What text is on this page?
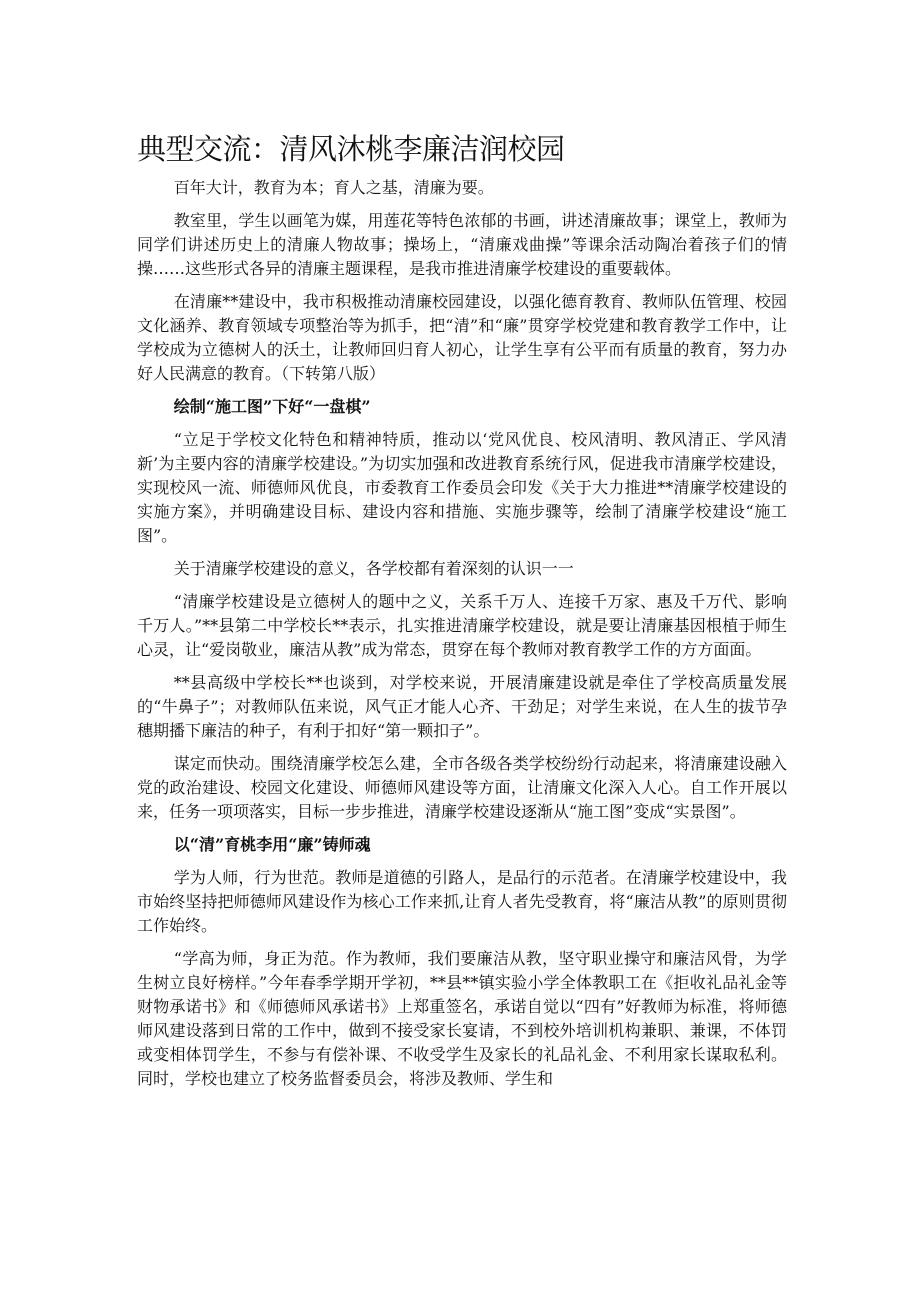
典型交流：清风沐桃李廉洁润校园

百年大计，教育为本；育人之基，清廉为要。

教室里，学生以画笔为媒，用莲花等特色浓郁的书画，讲述清廉故事；课堂上，教师为同学们讲述历史上的清廉人物故事；操场上，“清廉戏曲操”等课余活动陶冶着孩子们的情操……这些形式各异的清廉主题课程，是我市推进清廉学校建设的重要载体。

在清廉**建设中，我市积极推动清廉校园建设，以强化德育教育、教师队伍管理、校园文化涵养、教育领域专项整治等为抓手，把“清”和“廉”贯穿学校党建和教育教学工作中，让学校成为立德树人的沃土，让教师回归育人初心，让学生享有公平而有质量的教育，努力办好人民满意的教育。（下转第八版）

绘制“施工图”下好“一盘棋”

“立足于学校文化特色和精神特质，推动以‘党风优良、校风清明、教风清正、学风清新’为主要内容的清廉学校建设。”为切实加强和改进教育系统行风，促进我市清廉学校建设，实现校风一流、师德师风优良，市委教育工作委员会印发《关于大力推进**清廉学校建设的实施方案》，并明确建设目标、建设内容和措施、实施步骤等，绘制了清廉学校建设“施工图”。

关于清廉学校建设的意义，各学校都有着深刻的认识一一

“清廉学校建设是立德树人的题中之义，关系千万人、连接千万家、惠及千万代、影响千万人。”**县第二中学校长**表示，扎实推进清廉学校建设，就是要让清廉基因根植于师生心灵，让“爱岗敬业，廉洁从教”成为常态，贯穿在每个教师对教育教学工作的方方面面。

**县高级中学校长**也谈到，对学校来说，开展清廉建设就是牵住了学校高质量发展的“牛鼻子”；对教师队伍来说，风气正才能人心齐、干劲足；对学生来说，在人生的拔节孕穗期播下廉洁的种子，有利于扣好“第一颗扣子”。

谋定而快动。围绕清廉学校怎么建，全市各级各类学校纷纷行动起来，将清廉建设融入党的政治建设、校园文化建设、师德师风建设等方面，让清廉文化深入人心。自工作开展以来，任务一项项落实，目标一步步推进，清廉学校建设逐渐从“施工图”变成“实景图”。

以“清”育桃李用“廉”铸师魂

学为人师，行为世范。教师是道德的引路人，是品行的示范者。在清廉学校建设中，我市始终坚持把师德师风建设作为核心工作来抓,让育人者先受教育，将“廉洁从教”的原则贯彻工作始终。

“学高为师，身正为范。作为教师，我们要廉洁从教，坚守职业操守和廉洁风骨，为学生树立良好榜样。”今年春季学期开学初，**县**镇实验小学全体教职工在《拒收礼品礼金等财物承诺书》和《师德师风承诺书》上郑重签名，承诺自觉以“四有”好教师为标准，将师德师风建设落到日常的工作中，做到不接受家长宴请，不到校外培训机构兼职、兼课，不体罚或变相体罚学生，不参与有偿补课、不收受学生及家长的礼品礼金、不利用家长谋取私利。同时，学校也建立了校务监督委员会，将涉及教师、学生和
